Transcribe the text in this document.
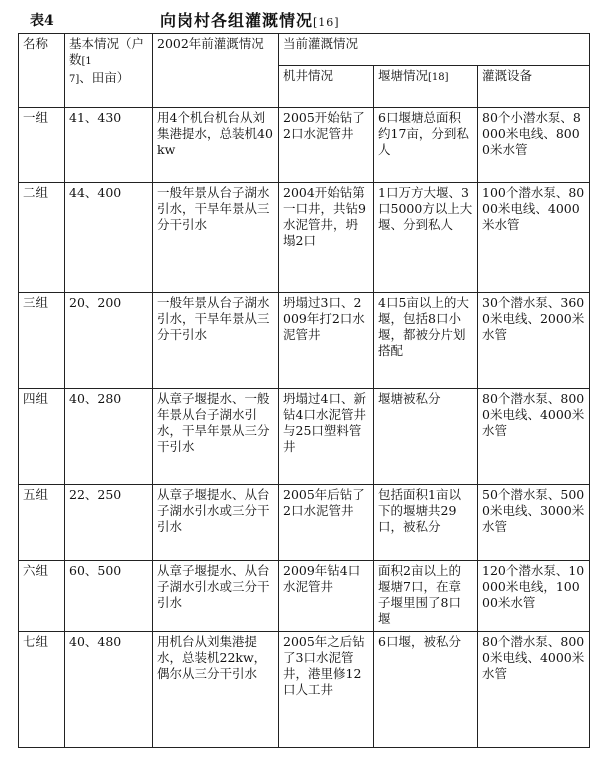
表4	向岗村各组灌溉情况[16]
名称	基本情况（户数[17]、田亩）	2002年前灌溉情况	当前灌溉情况		
			机井情况	堰塘情况[18]	灌溉设备
一组	41、430	用4个机台机台从刘集港提水，总装机40kw	2005开始钻了2口水泥管井	6口堰塘总面积约17亩，分到私人	80个小潜水泵、8000米电线、8000米水管
二组	44、400	一般年景从台子湖水引水，干旱年景从三分干引水	2004开始钻第一口井，共钻9水泥管井，坍塌2口	1口万方大堰、3口5000方以上大堰、分到私人	100个潜水泵、8000米电线、4000米水管
三组	20、200	一般年景从台子湖水引水，干旱年景从三分干引水	坍塌过3口、2009年打2口水泥管井	4口5亩以上的大堰，包括8口小堰，都被分片划搭配	30个潜水泵、3600米电线、2000米水管
四组	40、280	从章子堰提水、一般年景从台子湖水引水，干旱年景从三分干引水	坍塌过4口、新钻4口水泥管井与25口塑料管井	堰塘被私分	80个潜水泵、8000米电线、4000米水管
五组	22、250	从章子堰提水、从台子湖水引水或三分干引水	2005年后钻了2口水泥管井	包括面积1亩以下的堰塘共29口，被私分	50个潜水泵、5000米电线、3000米水管
六组	60、500	从章子堰提水、从台子湖水引水或三分干引水	2009年钻4口水泥管井	面积2亩以上的堰塘7口，在章子堰里围了8口堰	120个潜水泵、10000米电线，10000米水管
七组	40、480	用机台从刘集港提水，总装机22kw，偶尔从三分干引水	2005年之后钻了3口水泥管井，港里修12口人工井	6口堰，被私分	80个潜水泵、8000米电线、4000米水管
